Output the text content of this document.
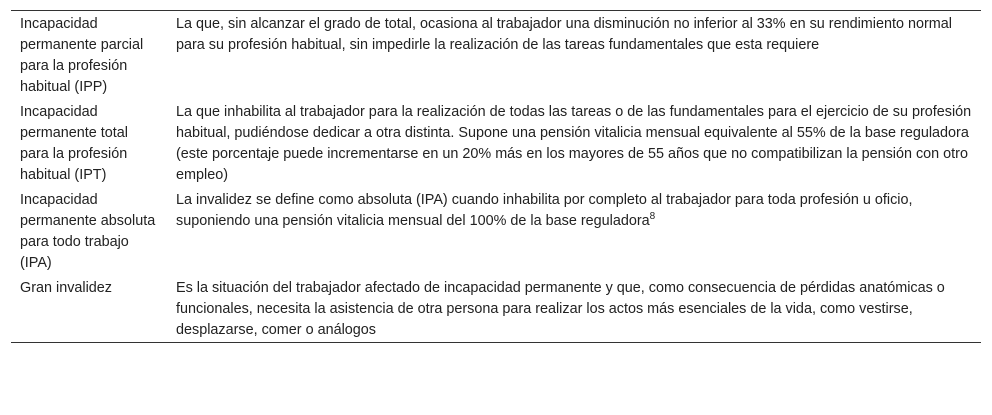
Incapacidad permanente parcial para la profesión habitual (IPP)	La que, sin alcanzar el grado de total, ocasiona al trabajador una disminución no inferior al 33% en su rendimiento normal para su profesión habitual, sin impedirle la realización de las tareas fundamentales que esta requiere
Incapacidad permanente total para la profesión habitual (IPT)	La que inhabilita al trabajador para la realización de todas las tareas o de las fundamentales para el ejercicio de su profesión habitual, pudiéndose dedicar a otra distinta. Supone una pensión vitalicia mensual equivalente al 55% de la base reguladora (este porcentaje puede incrementarse en un 20% más en los mayores de 55 años que no compatibilizan la pensión con otro empleo)
Incapacidad permanente absoluta para todo trabajo (IPA)	La invalidez se define como absoluta (IPA) cuando inhabilita por completo al trabajador para toda profesión u oficio, suponiendo una pensión vitalicia mensual del 100% de la base reguladora$^8$
Gran invalidez	Es la situación del trabajador afectado de incapacidad permanente y que, como consecuencia de pérdidas anatómicas o funcionales, necesita la asistencia de otra persona para realizar los actos más esenciales de la vida, como vestirse, desplazarse, comer o análogos
